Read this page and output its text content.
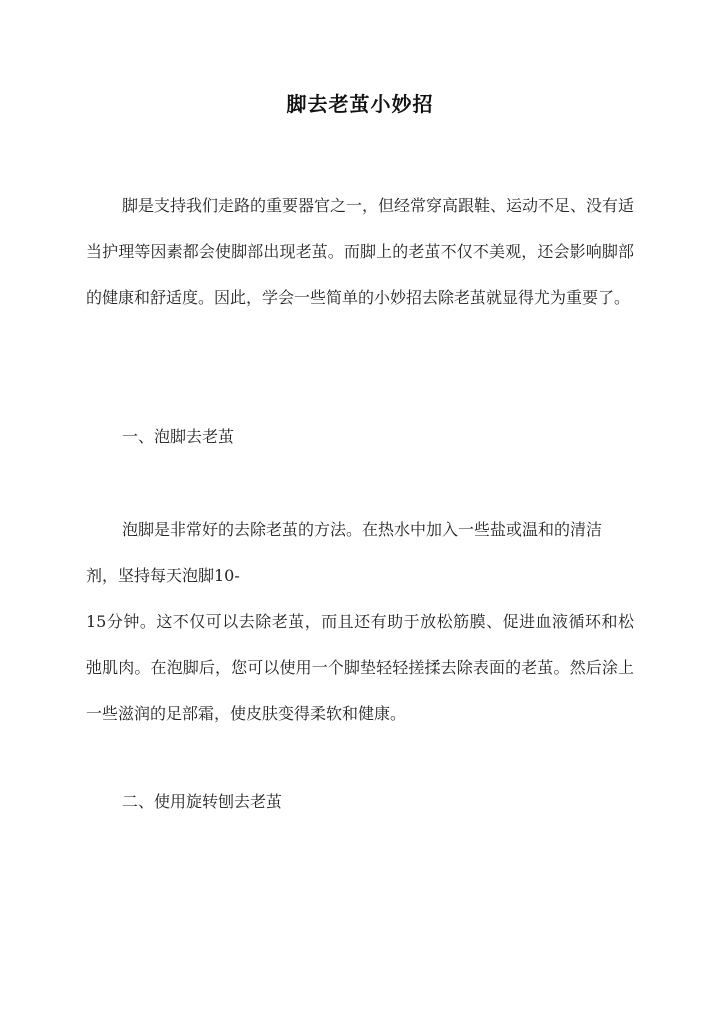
脚去老茧小妙招

脚是支持我们走路的重要器官之一，但经常穿高跟鞋、运动不足、没有适当护理等因素都会使脚部出现老茧。而脚上的老茧不仅不美观，还会影响脚部的健康和舒适度。因此，学会一些简单的小妙招去除老茧就显得尤为重要了。

一、泡脚去老茧

泡脚是非常好的去除老茧的方法。在热水中加入一些盐或温和的清洁
剂，坚持每天泡脚10-

15分钟。这不仅可以去除老茧，而且还有助于放松筋膜、促进血液循环和松弛肌肉。在泡脚后，您可以使用一个脚垫轻轻搓揉去除表面的老茧。然后涂上一些滋润的足部霜，使皮肤变得柔软和健康。

二、使用旋转刨去老茧
